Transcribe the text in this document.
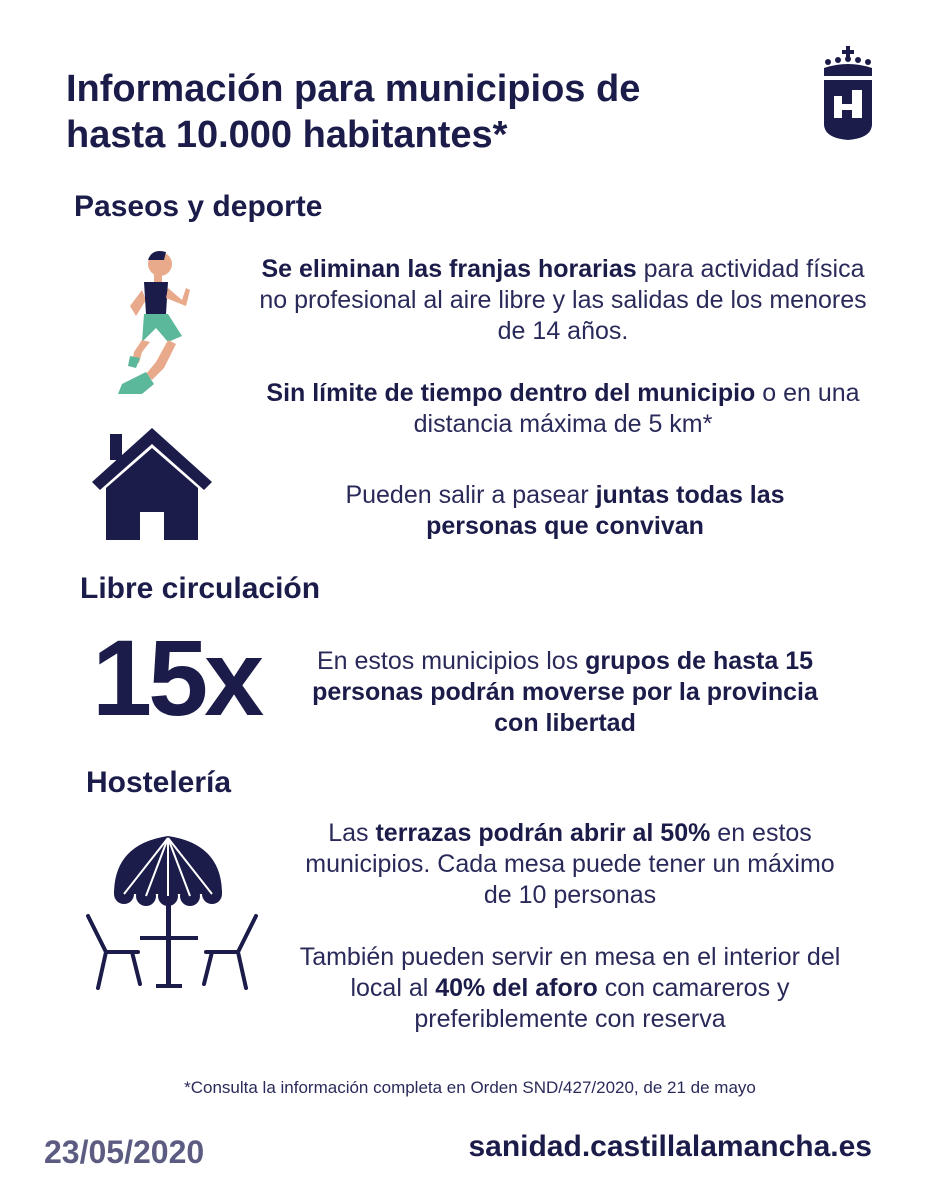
Información para municipios de
hasta 10.000 habitantes*
Paseos y deporte
Se eliminan las franjas horarias para actividad física no profesional al aire libre y las salidas de los menores de 14 años.
Sin límite de tiempo dentro del municipio o en una distancia máxima de 5 km*
Pueden salir a pasear juntas todas las personas que convivan
Libre circulación
15x	En estos municipios los grupos de hasta 15 personas podrán moverse por la provincia con libertad
Hostelería
Las terrazas podrán abrir al 50% en estos municipios. Cada mesa puede tener un máximo de 10 personas
También pueden servir en mesa en el interior del local al 40% del aforo con camareros y preferiblemente con reserva
*Consulta la información completa en Orden SND/427/2020, de 21 de mayo
23/05/2020	sanidad.castillalamancha.es
